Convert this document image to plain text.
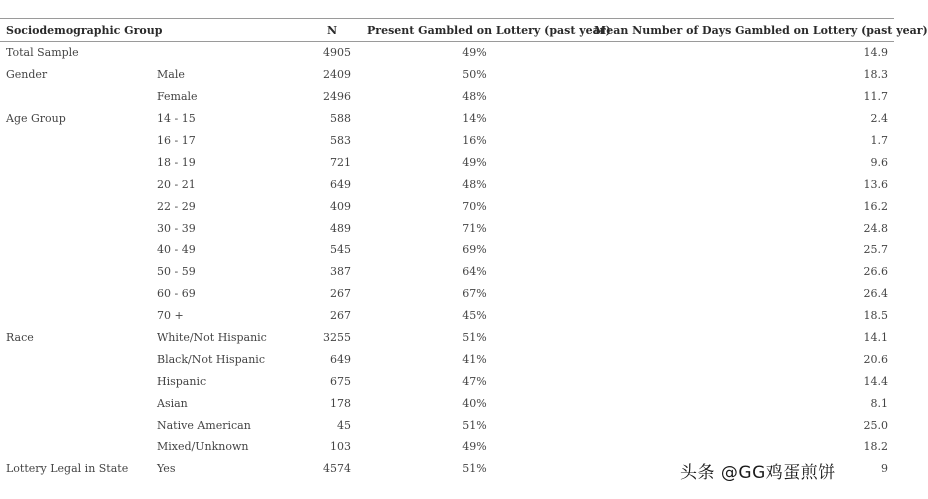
Sociodemographic Group		N	Present Gambled on Lottery (past year)	Mean Number of Days Gambled on Lottery (past year)
Total Sample		4905	49%	14.9
Gender	Male	2409	50%	18.3
	Female	2496	48%	11.7
Age Group	14 - 15	588	14%	2.4
	16 - 17	583	16%	1.7
	18 - 19	721	49%	9.6
	20 - 21	649	48%	13.6
	22 - 29	409	70%	16.2
	30 - 39	489	71%	24.8
	40 - 49	545	69%	25.7
	50 - 59	387	64%	26.6
	60 - 69	267	67%	26.4
	70 +	267	45%	18.5
Race	White/Not Hispanic	3255	51%	14.1
	Black/Not Hispanic	649	41%	20.6
	Hispanic	675	47%	14.4
	Asian	178	40%	8.1
	Native American	45	51%	25.0
	Mixed/Unknown	103	49%	18.2
Lottery Legal in State	Yes	4574	51%	9
头条 @GG鸡蛋煎饼
